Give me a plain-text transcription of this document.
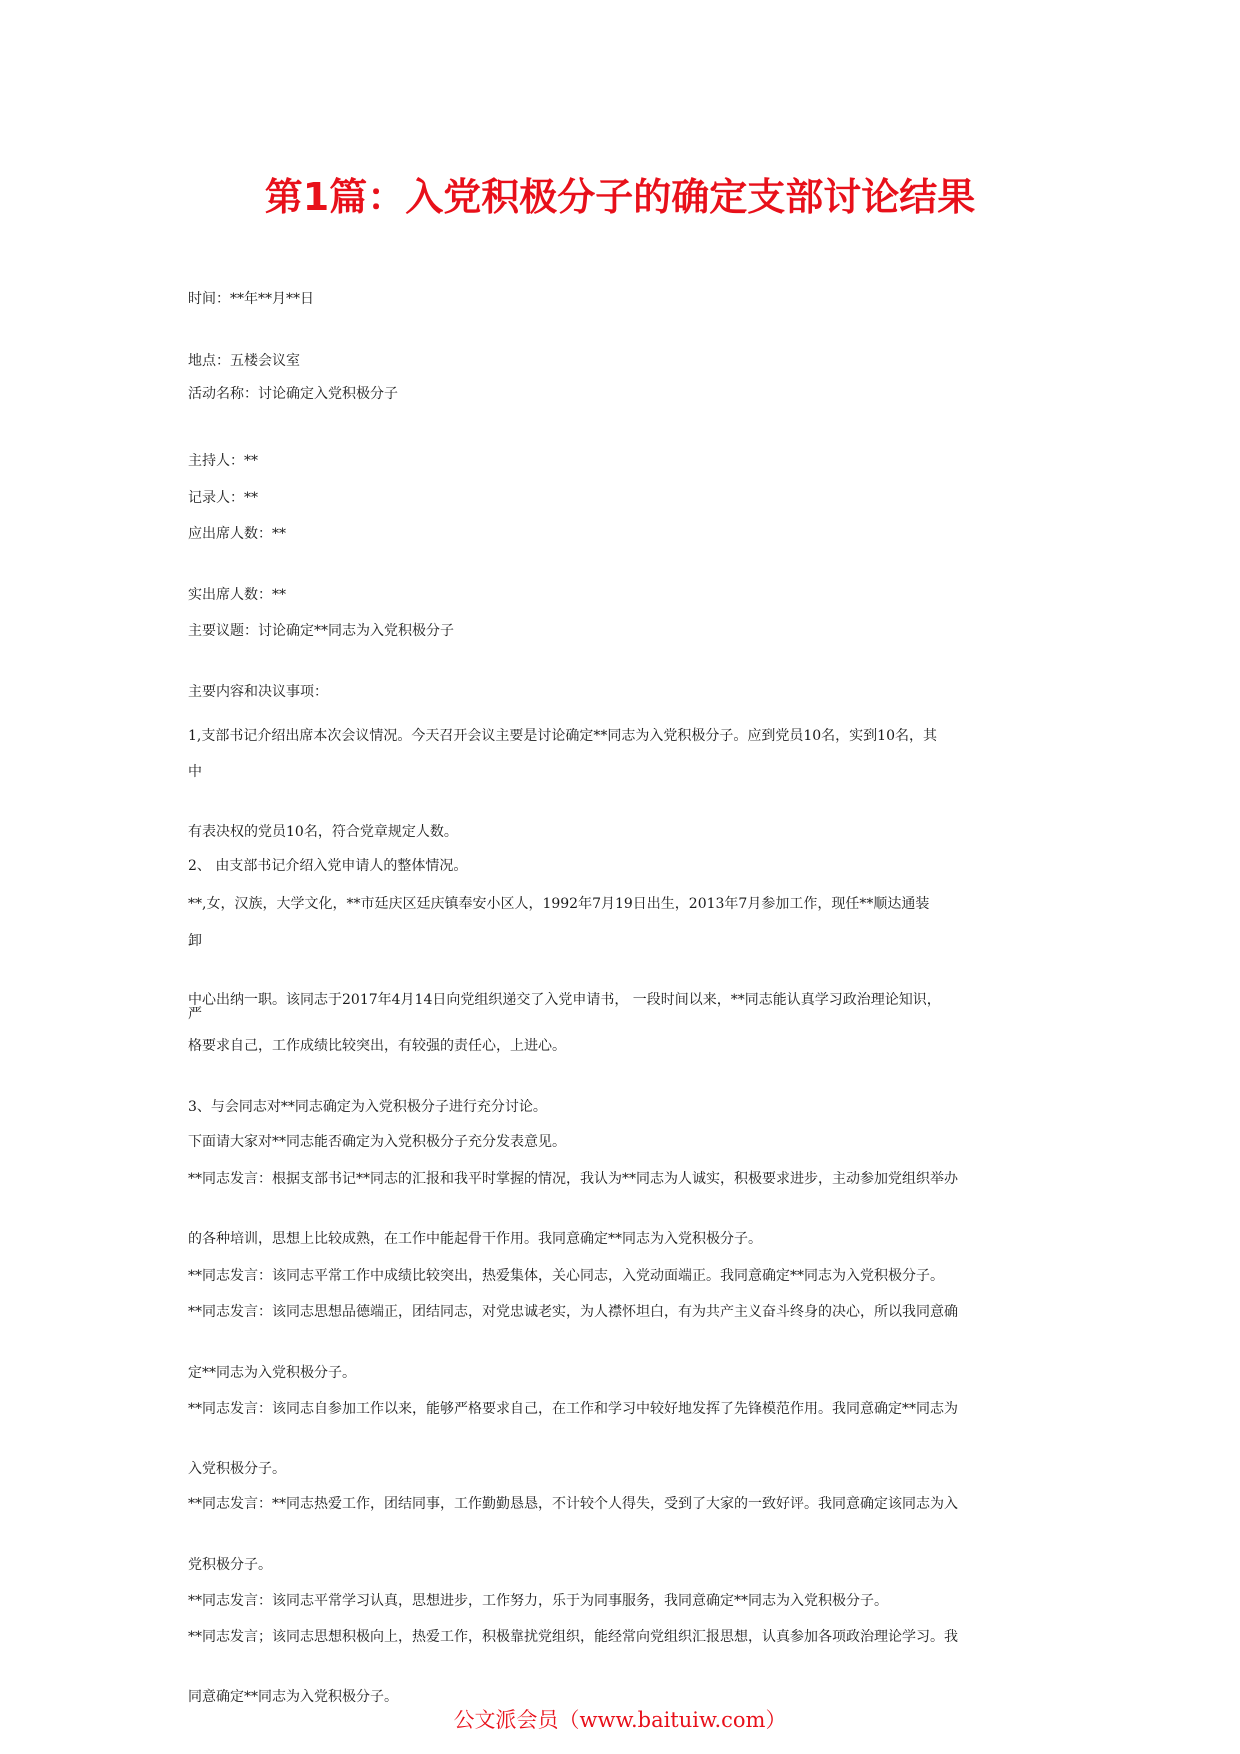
第1篇：入党积极分子的确定支部讨论结果

时间：**年**月**日

地点：五楼会议室

活动名称：讨论确定入党积极分子

主持人：**

记录人：**

应出席人数：**

实出席人数：**

主要议题：讨论确定**同志为入党积极分子

主要内容和决议事项：

1,支部书记介绍出席本次会议情况。今天召开会议主要是讨论确定**同志为入党积极分子。应到党员10名，实到10名，其

中

有表决权的党员10名，符合党章规定人数。

2、 由支部书记介绍入党申请人的整体情况。

**,女，汉族，大学文化，**市廷庆区廷庆镇奉安小区人，1992年7月19日出生，2013年7月参加工作，现任**顺达通装

卸

中心出纳一职。该同志于2017年4月14日向党组织递交了入党申请书， 一段时间以来，**同志能认真学习政治理论知识，

严

格要求自己，工作成绩比较突出，有较强的责任心，上进心。

3、与会同志对**同志确定为入党积极分子进行充分讨论。

下面请大家对**同志能否确定为入党积极分子充分发表意见。

**同志发言：根据支部书记**同志的汇报和我平时掌握的情况，我认为**同志为人诚实，积极要求进步，主动参加党组织举办

的各种培训，思想上比较成熟，在工作中能起骨干作用。我同意确定**同志为入党积极分子。

**同志发言：该同志平常工作中成绩比较突出，热爱集体，关心同志，入党动面端正。我同意确定**同志为入党积极分子。

**同志发言：该同志思想品德端正，团结同志，对党忠诚老实，为人襟怀坦白，有为共产主义奋斗终身的决心，所以我同意确

定**同志为入党积极分子。

**同志发言：该同志自参加工作以来，能够严格要求自己，在工作和学习中较好地发挥了先锋模范作用。我同意确定**同志为

入党积极分子。

**同志发言：**同志热爱工作，团结同事，工作勤勤恳恳，不计较个人得失，受到了大家的一致好评。我同意确定该同志为入

党积极分子。

**同志发言：该同志平常学习认真，思想进步，工作努力，乐于为同事服务，我同意确定**同志为入党积极分子。

**同志发言；该同志思想积极向上，热爱工作，积极靠扰党组织，能经常向党组织汇报思想，认真参加各项政治理论学习。我

同意确定**同志为入党积极分子。

公文派会员（www.baituiw.com）
